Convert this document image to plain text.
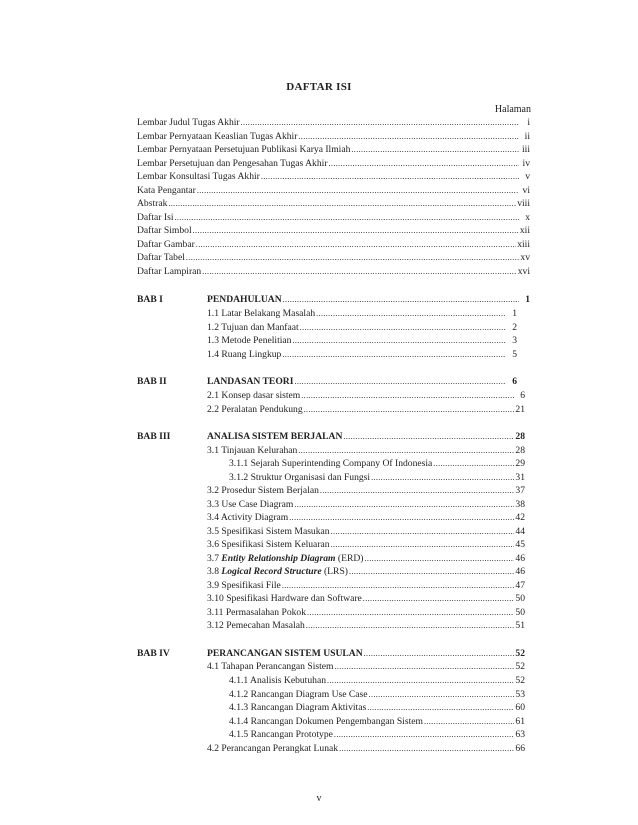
DAFTAR ISI
Halaman
Lembar Judul Tugas Akhir .....	i
Lembar Pernyataan Keaslian Tugas Akhir .....	ii
Lembar Pernyataan Persetujuan Publikasi Karya Ilmiah .....	iii
Lembar Persetujuan dan Pengesahan Tugas Akhir .....	iv
Lembar Konsultasi Tugas Akhir .....	v
Kata Pengantar .....	vi
Abstrak .....	viii
Daftar Isi .....	x
Daftar Simbol .....	xii
Daftar Gambar .....	xiii
Daftar Tabel .....	xv
Daftar Lampiran .....	xvi
BAB I	PENDAHULUAN .....	1
1.1 Latar Belakang Masalah .....	1
1.2 Tujuan dan Manfaat .....	2
1.3 Metode Penelitian .....	3
1.4 Ruang Lingkup .....	5
BAB II	LANDASAN TEORI .....	6
2.1 Konsep dasar sistem .....	6
2.2 Peralatan Pendukung .....	21
BAB III	ANALISA SISTEM BERJALAN .....	28
3.1 Tinjauan Kelurahan .....	28
3.1.1 Sejarah Superintending Company Of Indonesia .....	29
3.1.2 Struktur Organisasi dan Fungsi .....	31
3.2 Prosedur Sistem Berjalan .....	37
3.3 Use Case Diagram .....	38
3.4 Activity Diagram .....	42
3.5 Spesifikasi Sistem Masukan .....	44
3.6 Spesifikasi Sistem Keluaran .....	45
3.7 Entity Relationship Diagram (ERD) .....	46
3.8 Logical Record Structure (LRS) .....	46
3.9 Spesifikasi File .....	47
3.10 Spesifikasi Hardware dan Software .....	50
3.11 Permasalahan Pokok .....	50
3.12 Pemecahan Masalah .....	51
BAB IV	PERANCANGAN SISTEM USULAN .....	52
4.1 Tahapan Perancangan Sistem .....	52
4.1.1 Analisis Kebutuhan .....	52
4.1.2 Rancangan Diagram Use Case .....	53
4.1.3 Rancangan Diagram Aktivitas .....	60
4.1.4 Rancangan Dokumen Pengembangan Sistem .....	61
4.1.5 Rancangan Prototype .....	63
4.2 Perancangan Perangkat Lunak .....	66
v
